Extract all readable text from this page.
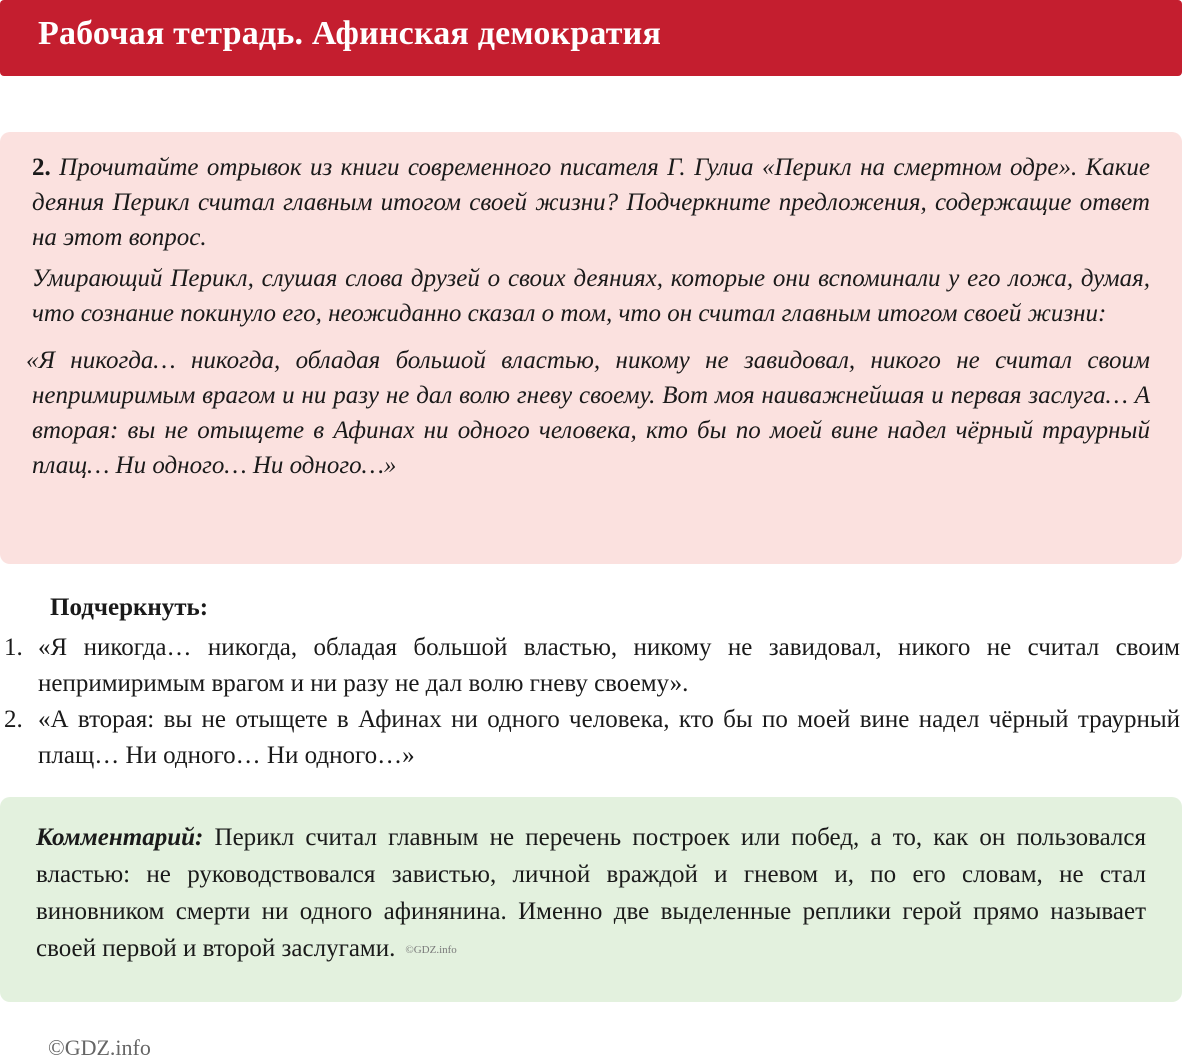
Рабочая тетрадь. Афинская демократия

2. Прочитайте отрывок из книги современного писателя Г. Гулиа «Перикл на смертном одре». Какие деяния Перикл считал главным итогом своей жизни? Подчеркните предложения, содержащие ответ на этот вопрос.

Умирающий Перикл, слушая слова друзей о своих деяниях, которые они вспоминали у его ложа, думая, что сознание покинуло его, неожиданно сказал о том, что он считал главным итогом своей жизни:

«Я никогда… никогда, обладая большой властью, никому не завидовал, никого не считал своим непримиримым врагом и ни разу не дал волю гневу своему. Вот моя наиважнейшая и первая заслуга… А вторая: вы не отыщете в Афинах ни одного человека, кто бы по моей вине надел чёрный траурный плащ… Ни одного… Ни одного…»

Подчеркнуть:
1. «Я никогда… никогда, обладая большой властью, никому не завидовал, никого не считал своим непримиримым врагом и ни разу не дал волю гневу своему».
2. «А вторая: вы не отыщете в Афинах ни одного человека, кто бы по моей вине надел чёрный траурный плащ… Ни одного… Ни одного…»

Комментарий: Перикл считал главным не перечень построек или побед, а то, как он пользовался властью: не руководствовался завистью, личной враждой и гневом и, по его словам, не стал виновником смерти ни одного афинянина. Именно две выделенные реплики герой прямо называет своей первой и второй заслугами. ©GDZ.info

©GDZ.info
